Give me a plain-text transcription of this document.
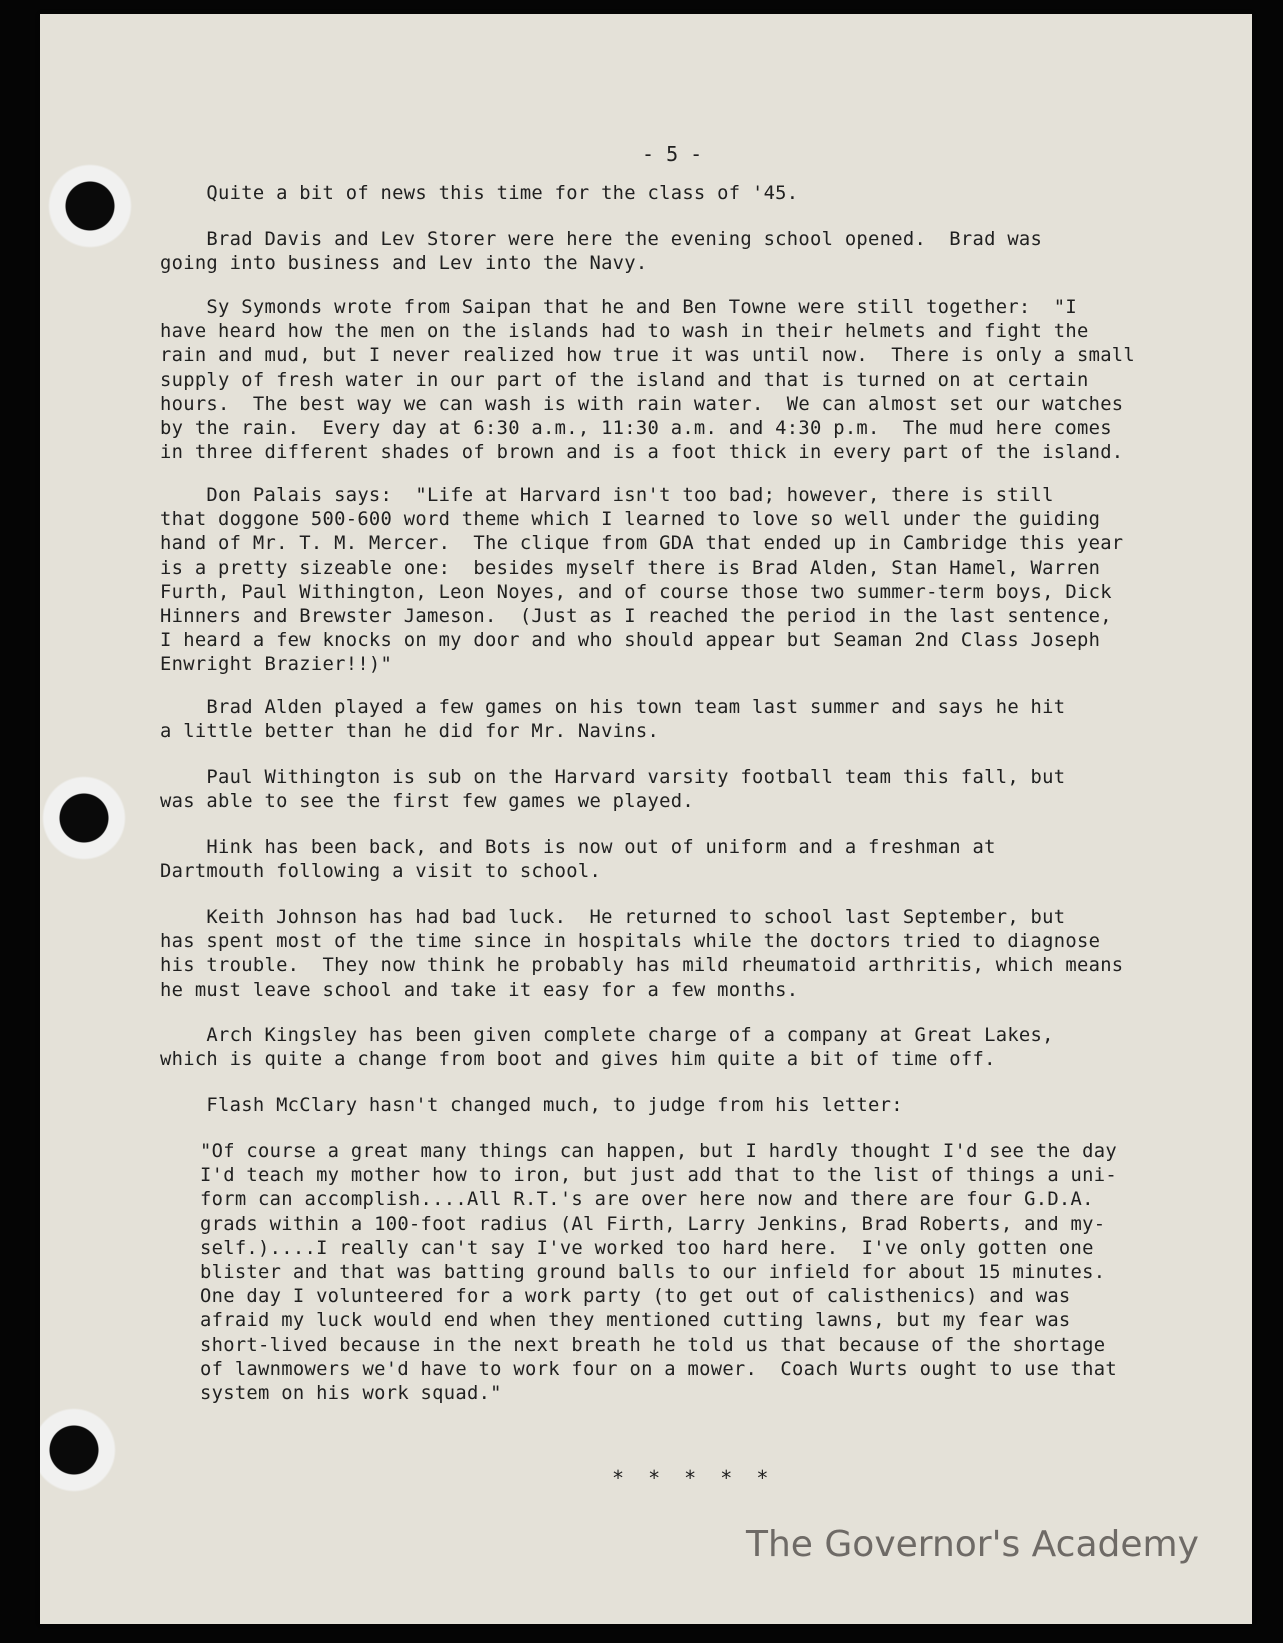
- 5 -

Quite a bit of news this time for the class of '45.

Brad Davis and Lev Storer were here the evening school opened.  Brad was

going into business and Lev into the Navy.

Sy Symonds wrote from Saipan that he and Ben Towne were still together:  "I

have heard how the men on the islands had to wash in their helmets and fight the

rain and mud, but I never realized how true it was until now.  There is only a small

supply of fresh water in our part of the island and that is turned on at certain

hours.  The best way we can wash is with rain water.  We can almost set our watches

by the rain.  Every day at 6:30 a.m., 11:30 a.m. and 4:30 p.m.  The mud here comes

in three different shades of brown and is a foot thick in every part of the island.

Don Palais says:  "Life at Harvard isn't too bad; however, there is still

that doggone 500-600 word theme which I learned to love so well under the guiding

hand of Mr. T. M. Mercer.  The clique from GDA that ended up in Cambridge this year

is a pretty sizeable one:  besides myself there is Brad Alden, Stan Hamel, Warren

Furth, Paul Withington, Leon Noyes, and of course those two summer-term boys, Dick

Hinners and Brewster Jameson.  (Just as I reached the period in the last sentence,

I heard a few knocks on my door and who should appear but Seaman 2nd Class Joseph

Enwright Brazier!!)"

Brad Alden played a few games on his town team last summer and says he hit

a little better than he did for Mr. Navins.

Paul Withington is sub on the Harvard varsity football team this fall, but

was able to see the first few games we played.

Hink has been back, and Bots is now out of uniform and a freshman at

Dartmouth following a visit to school.

Keith Johnson has had bad luck.  He returned to school last September, but

has spent most of the time since in hospitals while the doctors tried to diagnose

his trouble.  They now think he probably has mild rheumatoid arthritis, which means

he must leave school and take it easy for a few months.

Arch Kingsley has been given complete charge of a company at Great Lakes,

which is quite a change from boot and gives him quite a bit of time off.

Flash McClary hasn't changed much, to judge from his letter:

"Of course a great many things can happen, but I hardly thought I'd see the day

I'd teach my mother how to iron, but just add that to the list of things a uni-

form can accomplish....All R.T.'s are over here now and there are four G.D.A.

grads within a 100-foot radius (Al Firth, Larry Jenkins, Brad Roberts, and my-

self.)....I really can't say I've worked too hard here.  I've only gotten one

blister and that was batting ground balls to our infield for about 15 minutes.

One day I volunteered for a work party (to get out of calisthenics) and was

afraid my luck would end when they mentioned cutting lawns, but my fear was

short-lived because in the next breath he told us that because of the shortage

of lawnmowers we'd have to work four on a mower.  Coach Wurts ought to use that

system on his work squad."

* * * * *
The Governor's Academy
